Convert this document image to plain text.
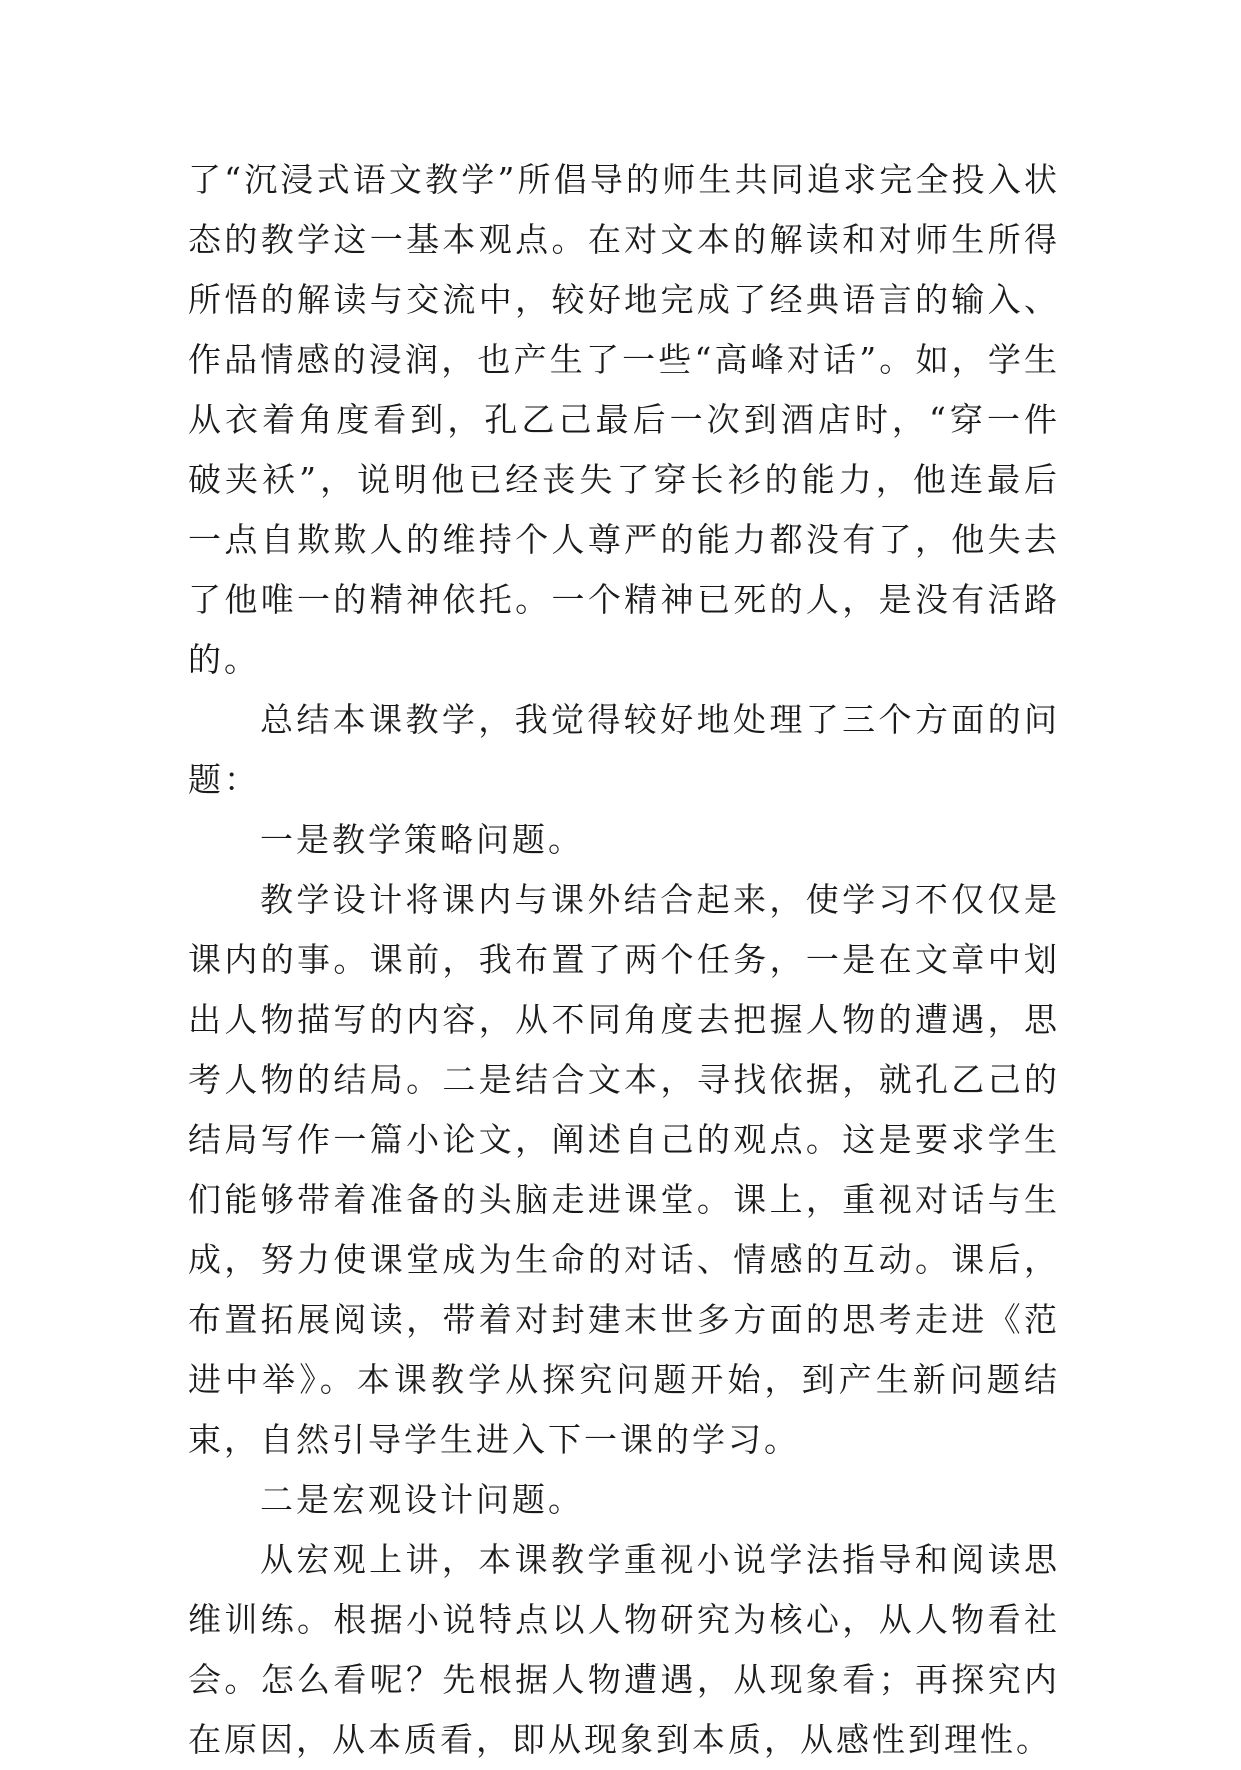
了“沉浸式语文教学”所倡导的师生共同追求完全投入状态的教学这一基本观点。在对文本的解读和对师生所得所悟的解读与交流中，较好地完成了经典语言的输入、作品情感的浸润，也产生了一些“高峰对话”。如，学生从衣着角度看到，孔乙己最后一次到酒店时，“穿一件破夹袄”，说明他已经丧失了穿长衫的能力，他连最后一点自欺欺人的维持个人尊严的能力都没有了，他失去了他唯一的精神依托。一个精神已死的人，是没有活路的。

总结本课教学，我觉得较好地处理了三个方面的问题：

一是教学策略问题。

教学设计将课内与课外结合起来，使学习不仅仅是课内的事。课前，我布置了两个任务，一是在文章中划出人物描写的内容，从不同角度去把握人物的遭遇，思考人物的结局。二是结合文本，寻找依据，就孔乙己的结局写作一篇小论文，阐述自己的观点。这是要求学生们能够带着准备的头脑走进课堂。课上，重视对话与生成，努力使课堂成为生命的对话、情感的互动。课后，布置拓展阅读，带着对封建末世多方面的思考走进《范进中举》。本课教学从探究问题开始，到产生新问题结束，自然引导学生进入下一课的学习。

二是宏观设计问题。

从宏观上讲，本课教学重视小说学法指导和阅读思维训练。根据小说特点以人物研究为核心，从人物看社会。怎么看呢？先根据人物遭遇，从现象看；再探究内在原因，从本质看，即从现象到本质，从感性到理性。
